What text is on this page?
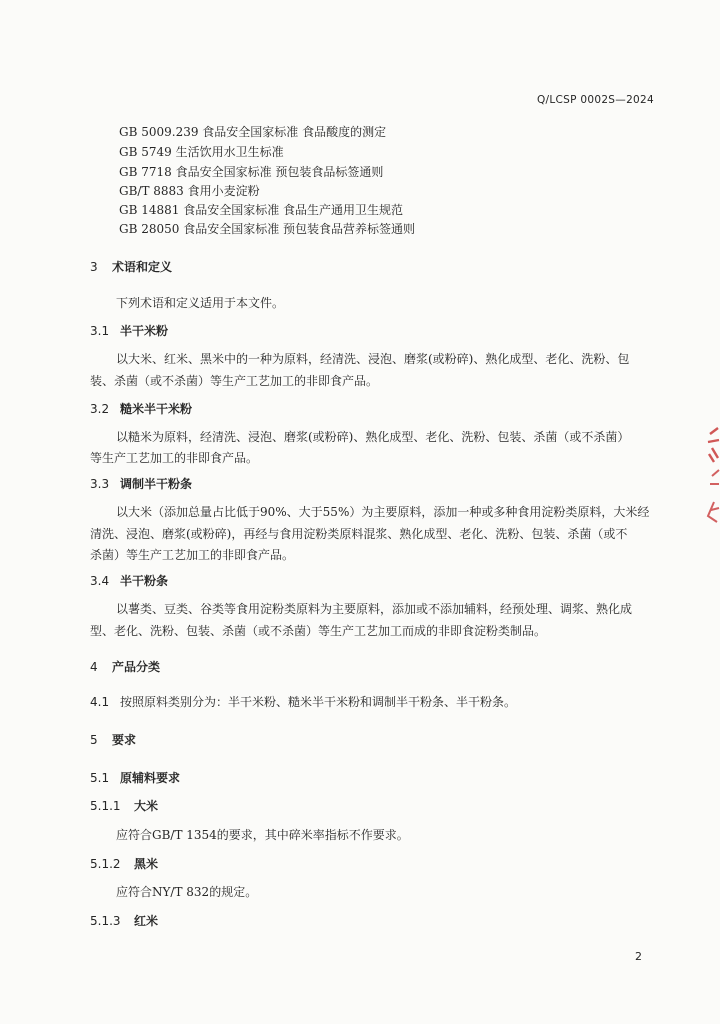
Q/LCSP 0002S—2024
GB 5009.239 食品安全国家标准 食品酸度的测定
GB 5749 生活饮用水卫生标准
GB 7718 食品安全国家标准 预包装食品标签通则
GB/T 8883 食用小麦淀粉
GB 14881 食品安全国家标准 食品生产通用卫生规范
GB 28050 食品安全国家标准 预包装食品营养标签通则
3 术语和定义
下列术语和定义适用于本文件。
3.1 半干米粉
以大米、红米、黑米中的一种为原料，经清洗、浸泡、磨浆(或粉碎)、熟化成型、老化、洗粉、包
装、杀菌（或不杀菌）等生产工艺加工的非即食产品。
3.2 糙米半干米粉
以糙米为原料，经清洗、浸泡、磨浆(或粉碎)、熟化成型、老化、洗粉、包装、杀菌（或不杀菌）
等生产工艺加工的非即食产品。
3.3 调制半干粉条
以大米（添加总量占比低于90%、大于55%）为主要原料，添加一种或多种食用淀粉类原料，大米经
清洗、浸泡、磨浆(或粉碎)，再经与食用淀粉类原料混浆、熟化成型、老化、洗粉、包装、杀菌（或不
杀菌）等生产工艺加工的非即食产品。
3.4 半干粉条
以薯类、豆类、谷类等食用淀粉类原料为主要原料，添加或不添加辅料，经预处理、调浆、熟化成
型、老化、洗粉、包装、杀菌（或不杀菌）等生产工艺加工而成的非即食淀粉类制品。
4 产品分类
4.1 按照原料类别分为：半干米粉、糙米半干米粉和调制半干粉条、半干粉条。
5 要求
5.1 原辅料要求
5.1.1 大米
应符合GB/T 1354的要求，其中碎米率指标不作要求。
5.1.2 黑米
应符合NY/T 832的规定。
5.1.3 红米
2
